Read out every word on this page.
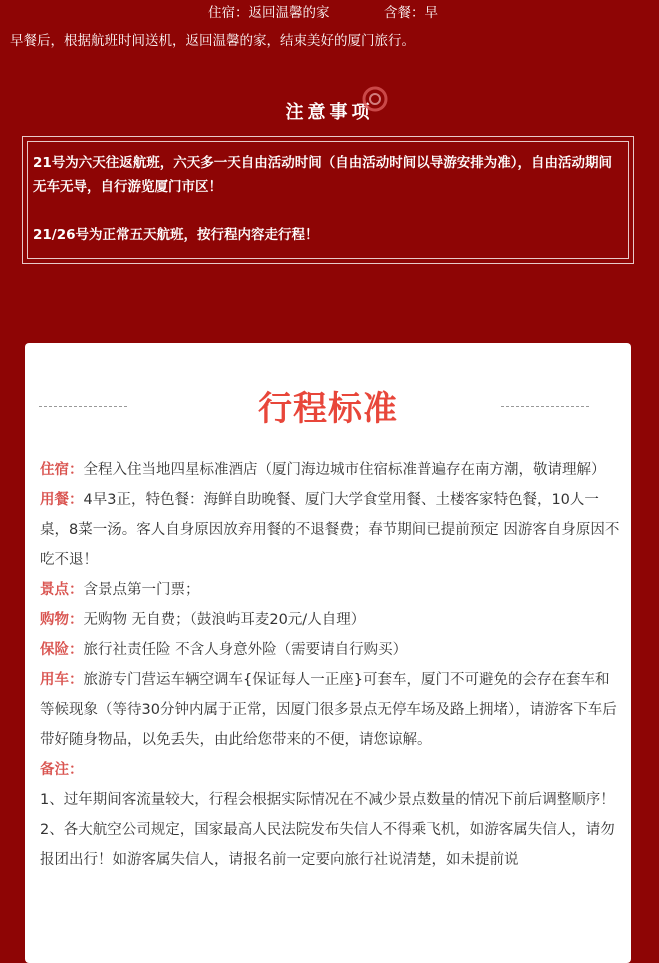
住宿：返回温馨的家	含餐：早
早餐后，根据航班时间送机，返回温馨的家，结束美好的厦门旅行。
注意事项

21号为六天往返航班，六天多一天自由活动时间（自由活动时间以导游安排为准），自由活动期间无车无导，自行游览厦门市区！

21/26号为正常五天航班，按行程内容走行程！

行程标准

住宿：全程入住当地四星标准酒店（厦门海边城市住宿标准普遍存在南方潮，敬请理解）

用餐：4早3正，特色餐：海鲜自助晚餐、厦门大学食堂用餐、土楼客家特色餐，10人一桌，8菜一汤。客人自身原因放弃用餐的不退餐费；春节期间已提前预定 因游客自身原因不吃不退！

景点：含景点第一门票；

购物：无购物 无自费；（鼓浪屿耳麦20元/人自理）

保险：旅行社责任险 不含人身意外险（需要请自行购买）

用车：旅游专门营运车辆空调车{保证每人一正座}可套车，厦门不可避免的会存在套车和等候现象（等待30分钟内属于正常，因厦门很多景点无停车场及路上拥堵），请游客下车后带好随身物品，以免丢失，由此给您带来的不便，请您谅解。

备注：

1、过年期间客流量较大，行程会根据实际情况在不减少景点数量的情况下前后调整顺序！

2、各大航空公司规定，国家最高人民法院发布失信人不得乘飞机，如游客属失信人，请勿报团出行！如游客属失信人，请报名前一定要向旅行社说清楚，如未提前说
